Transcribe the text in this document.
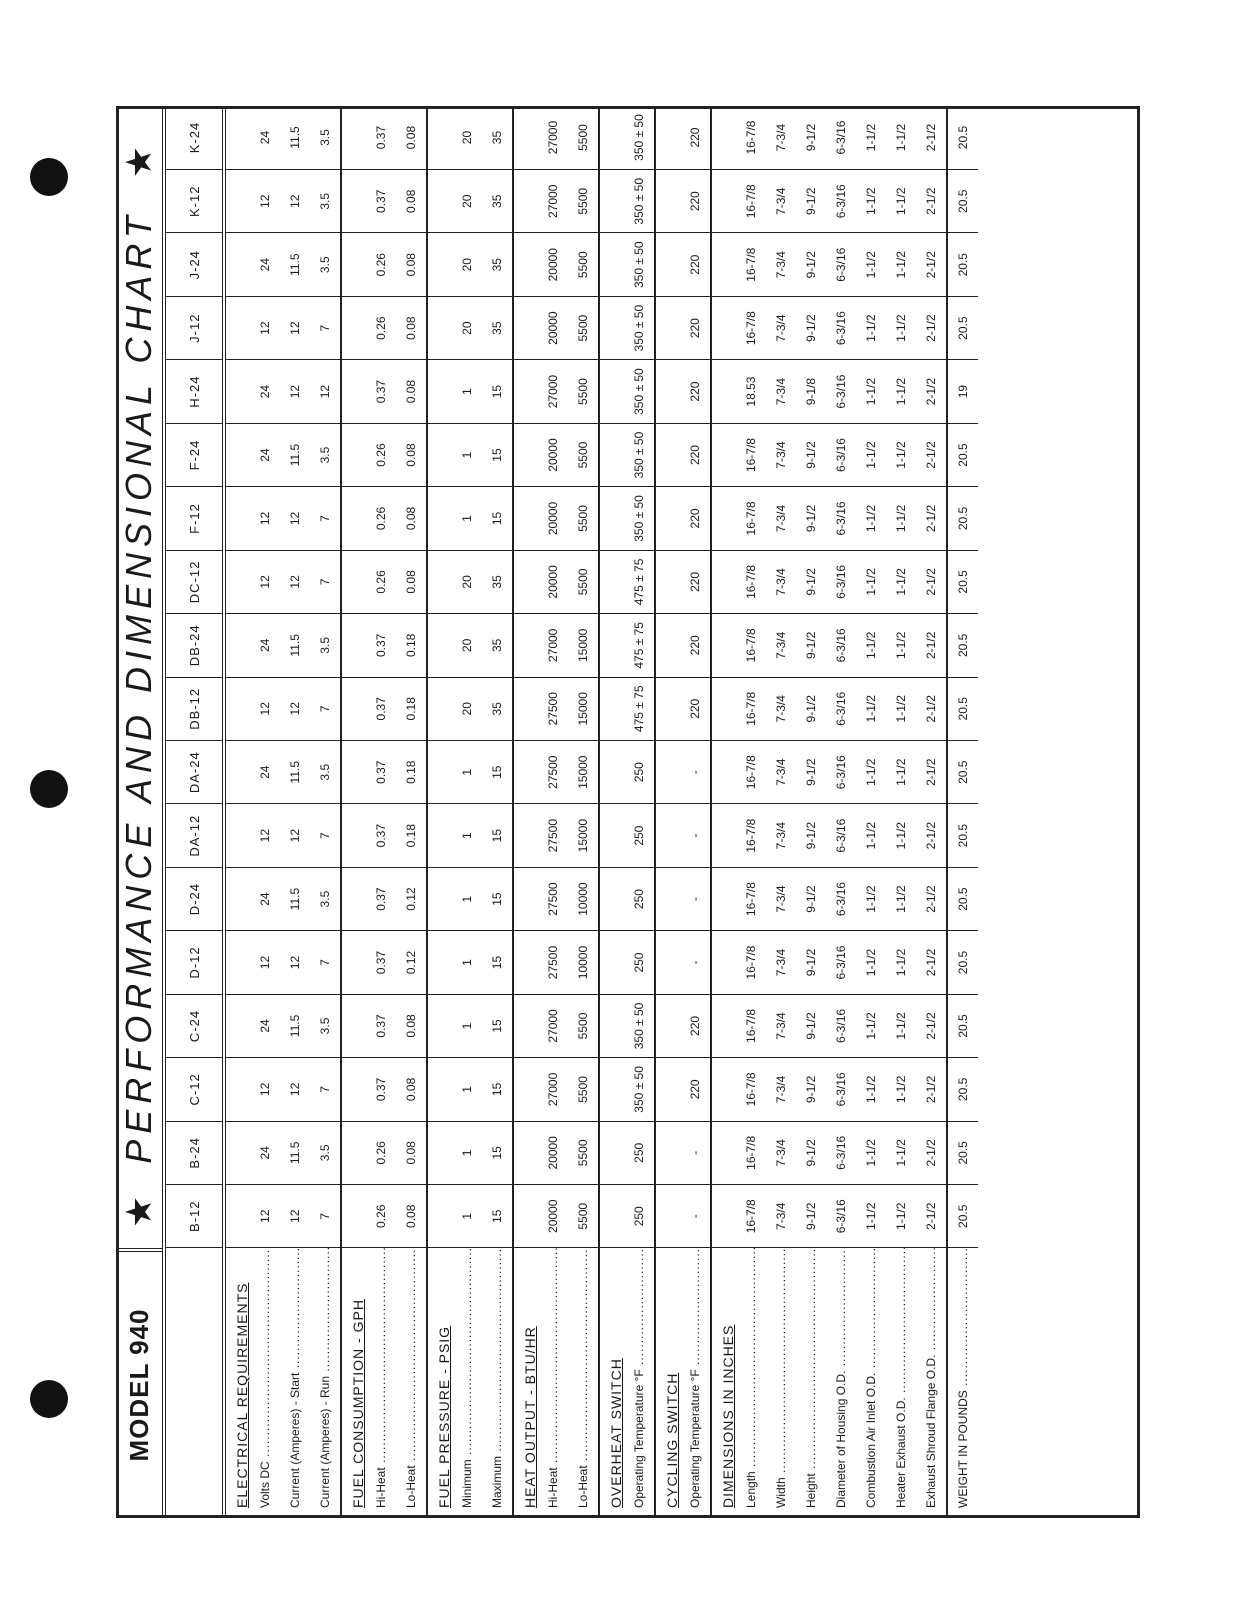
MODEL 940
★
PERFORMANCE AND DIMENSIONAL CHART
★
	B-12	B-24	C-12	C-24	D-12	D-24	DA-12	DA-24	DB-12	DB-24	DC-12	F-12	F-24	H-24	J-12	J-24	K-12	K-24
ELECTRICAL REQUIREMENTS																		
Volts DC .....	12	24	12	24	12	24	12	24	12	24	12	12	24	24	12	24	12	24
Current (Amperes) - Start .....	12	11.5	12	11.5	12	11.5	12	11.5	12	11.5	12	12	11.5	12	12	11.5	12	11.5
Current (Amperes) - Run .....	7	3.5	7	3.5	7	3.5	7	3.5	7	3.5	7	7	3.5	12	7	3.5	3.5	3.5
FUEL CONSUMPTION - GPH																		
Hi-Heat .....	0.26	0.26	0.37	0.37	0.37	0.37	0.37	0.37	0.37	0.37	0.26	0.26	0.26	0.37	0.26	0.26	0.37	0.37
Lo-Heat .....	0.08	0.08	0.08	0.08	0.12	0.12	0.18	0.18	0.18	0.18	0.08	0.08	0.08	0.08	0.08	0.08	0.08	0.08
FUEL PRESSURE - PSIG																		
Minimum .....	1	1	1	1	1	1	1	1	20	20	20	1	1	1	20	20	20	20
Maximum .....	15	15	15	15	15	15	15	15	35	35	35	15	15	15	35	35	35	35
HEAT OUTPUT - BTU/HR																		
Hi-Heat .....	20000	20000	27000	27000	27500	27500	27500	27500	27500	27000	20000	20000	20000	27000	20000	20000	27000	27000
Lo-Heat .....	5500	5500	5500	5500	10000	10000	15000	15000	15000	15000	5500	5500	5500	5500	5500	5500	5500	5500
OVERHEAT SWITCH																		
Operating Temperature °F .....	250	250	350 ± 50	350 ± 50	250	250	250	250	475 ± 75	475 ± 75	475 ± 75	350 ± 50	350 ± 50	350 ± 50	350 ± 50	350 ± 50	350 ± 50	350 ± 50
CYCLING SWITCH																		
Operating Temperature °F .....	-	-	220	220	-	-	-	-	220	220	220	220	220	220	220	220	220	220
DIMENSIONS IN INCHES																		
Length .....	16-7/8	16-7/8	16-7/8	16-7/8	16-7/8	16-7/8	16-7/8	16-7/8	16-7/8	16-7/8	16-7/8	16-7/8	16-7/8	18.53	16-7/8	16-7/8	16-7/8	16-7/8
Width .....	7-3/4	7-3/4	7-3/4	7-3/4	7-3/4	7-3/4	7-3/4	7-3/4	7-3/4	7-3/4	7-3/4	7-3/4	7-3/4	7-3/4	7-3/4	7-3/4	7-3/4	7-3/4
Height .....	9-1/2	9-1/2	9-1/2	9-1/2	9-1/2	9-1/2	9-1/2	9-1/2	9-1/2	9-1/2	9-1/2	9-1/2	9-1/2	9-1/8	9-1/2	9-1/2	9-1/2	9-1/2
Diameter of Housing O.D. .....	6-3/16	6-3/16	6-3/16	6-3/16	6-3/16	6-3/16	6-3/16	6-3/16	6-3/16	6-3/16	6-3/16	6-3/16	6-3/16	6-3/16	6-3/16	6-3/16	6-3/16	6-3/16
Combustion Air Inlet O.D. .....	1-1/2	1-1/2	1-1/2	1-1/2	1-1/2	1-1/2	1-1/2	1-1/2	1-1/2	1-1/2	1-1/2	1-1/2	1-1/2	1-1/2	1-1/2	1-1/2	1-1/2	1-1/2
Heater Exhaust O.D. .....	1-1/2	1-1/2	1-1/2	1-1/2	1-1/2	1-1/2	1-1/2	1-1/2	1-1/2	1-1/2	1-1/2	1-1/2	1-1/2	1-1/2	1-1/2	1-1/2	1-1/2	1-1/2
Exhaust Shroud Flange O.D. .....	2-1/2	2-1/2	2-1/2	2-1/2	2-1/2	2-1/2	2-1/2	2-1/2	2-1/2	2-1/2	2-1/2	2-1/2	2-1/2	2-1/2	2-1/2	2-1/2	2-1/2	2-1/2
WEIGHT IN POUNDS .....	20.5	20.5	20.5	20.5	20.5	20.5	20.5	20.5	20.5	20.5	20.5	20.5	20.5	19	20.5	20.5	20.5	20.5
